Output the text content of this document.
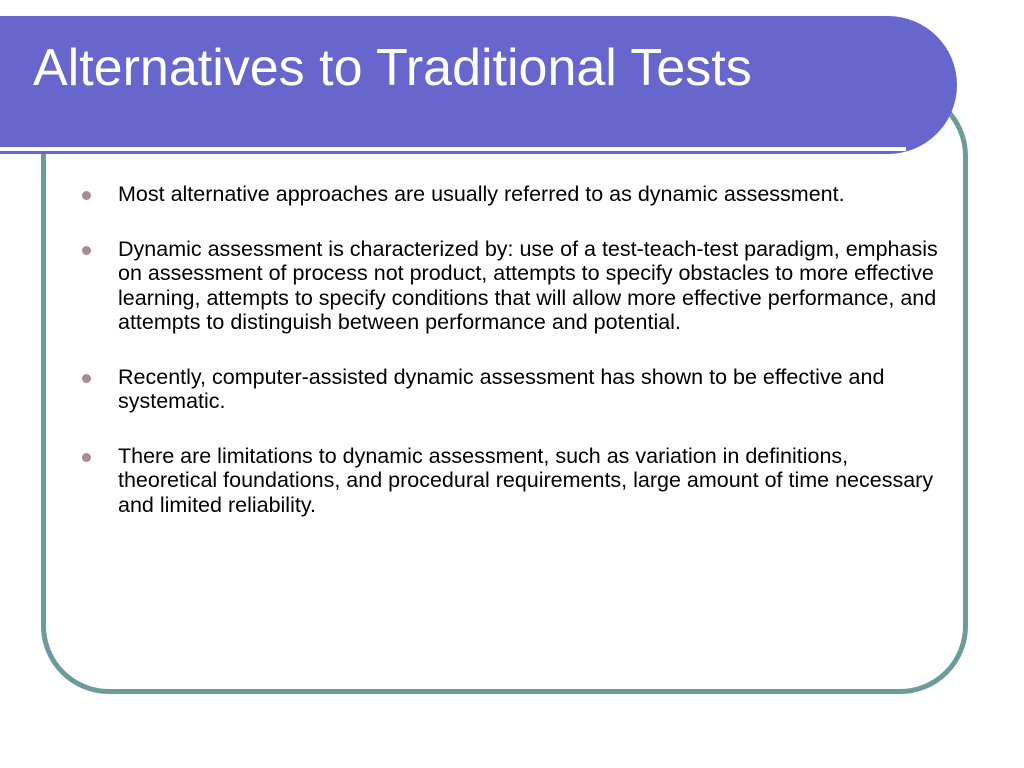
Alternatives to Traditional Tests
Most alternative approaches are usually referred to as dynamic assessment.
Dynamic assessment is characterized by: use of a test-teach-test paradigm, emphasis on assessment of process not product, attempts to specify obstacles to more effective learning, attempts to specify conditions that will allow more effective performance, and attempts to distinguish between performance and potential.
Recently, computer-assisted dynamic assessment has shown to be effective and systematic.
There are limitations to dynamic assessment, such as variation in definitions, theoretical foundations, and procedural requirements, large amount of time necessary and limited reliability.
